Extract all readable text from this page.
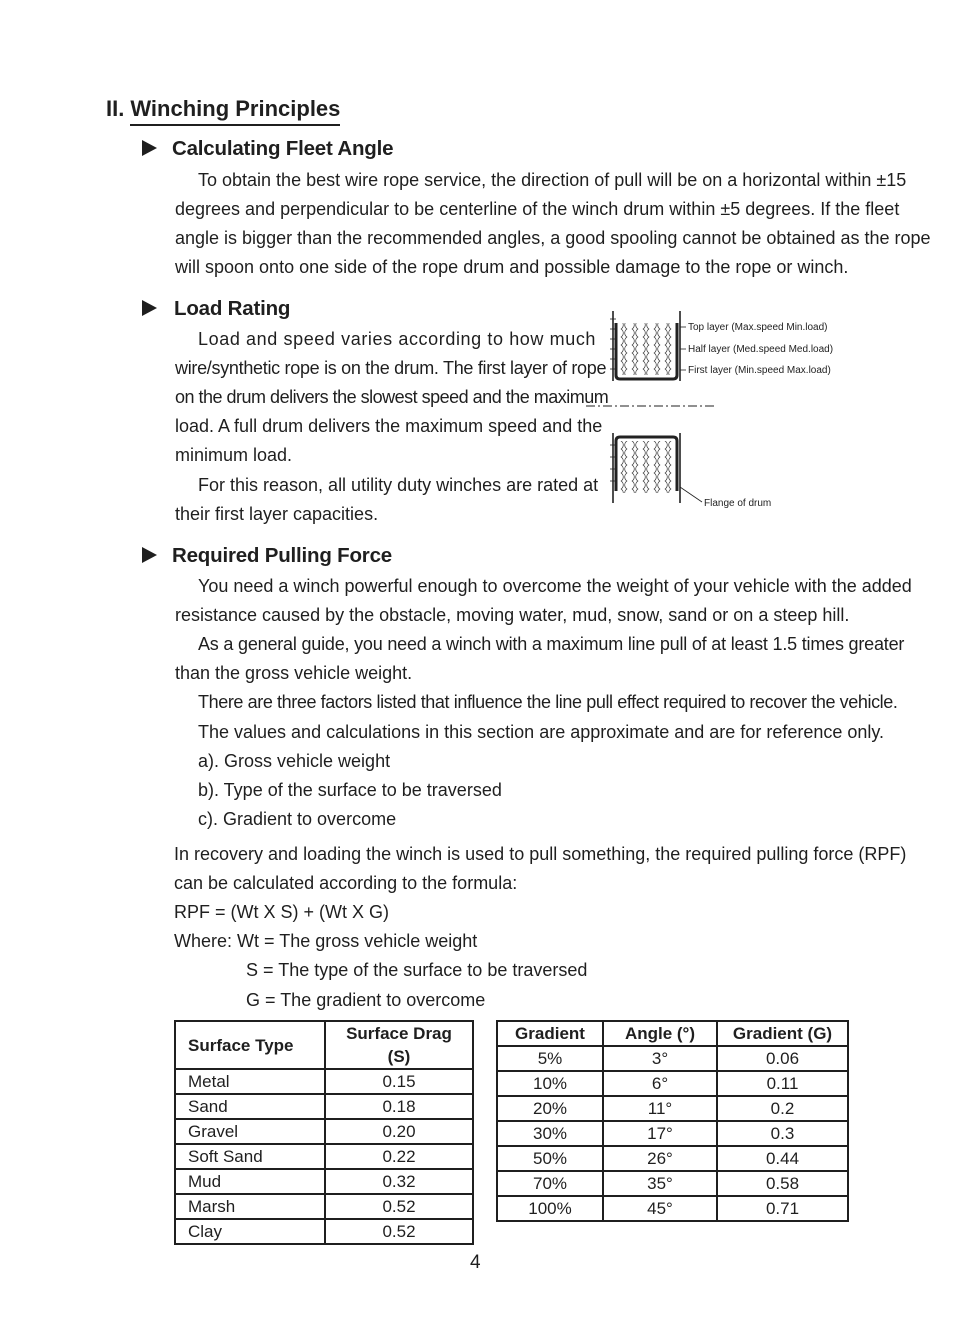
II. Winching Principles
Calculating Fleet Angle
To obtain the best wire rope service, the direction of pull will be on a horizontal within ±15
degrees and perpendicular to be centerline of the winch drum within ±5 degrees. If the fleet
angle is bigger than the recommended angles, a good spooling cannot be obtained as the rope
will spoon onto one side of the rope drum and possible damage to the rope or winch.
Load Rating
Load and speed varies according to how much
wire/synthetic rope is on the drum. The first layer of rope
on the drum delivers the slowest speed and the maximum
load. A full drum delivers the maximum speed and the
minimum load.
For this reason, all utility duty winches are rated at
their first layer capacities.
Top layer (Max.speed Min.load)
Half layer (Med.speed Med.load)
First layer (Min.speed Max.load)
Flange of drum
Required Pulling Force
You need a winch powerful enough to overcome the weight of your vehicle with the added
resistance caused by the obstacle, moving water, mud, snow, sand or on a steep hill.
As a general guide, you need a winch with a maximum line pull of at least 1.5 times greater
than the gross vehicle weight.
There are three factors listed that influence the line pull effect required to recover the vehicle.
The values and calculations in this section are approximate and are for reference only.
a). Gross vehicle weight
b). Type of the surface to be traversed
c). Gradient to overcome
In recovery and loading the winch is used to pull something, the required pulling force (RPF)
can be calculated according to the formula:
RPF = (Wt X S) + (Wt X G)
Where: Wt = The gross vehicle weight
S = The type of the surface to be traversed
G = The gradient to overcome
Surface Type	Surface Drag (S)
Metal	0.15
Sand	0.18
Gravel	0.20
Soft Sand	0.22
Mud	0.32
Marsh	0.52
Clay	0.52
Gradient	Angle (°)	Gradient (G)
5%	3°	0.06
10%	6°	0.11
20%	11°	0.2
30%	17°	0.3
50%	26°	0.44
70%	35°	0.58
100%	45°	0.71
4
